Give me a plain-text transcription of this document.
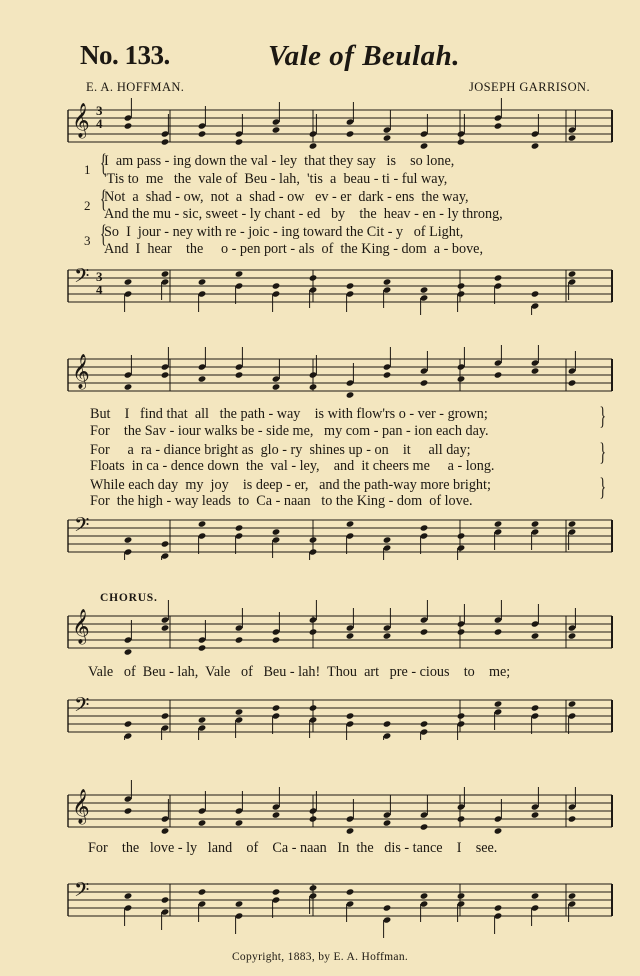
No. 133.	Vale of Beulah.
E. A. HOFFMAN.	JOSEPH GARRISON.
𝄞
𝄢
3
4
3
4
1 {
I  am pass - ing down the val - ley  that they say   is    so lone,
'Tis to  me   the  vale of  Beu - lah,  'tis  a  beau - ti - ful way,
2 {
Not  a  shad - ow,  not  a  shad - ow   ev - er  dark - ens  the way,
And the mu - sic, sweet - ly chant - ed   by    the  heav - en - ly throng,
3 {
So  I  jour - ney with re - joic - ing toward the Cit - y   of Light,
And  I  hear    the     o - pen port - als  of  the King - dom  a - bove,
𝄞
𝄢
But    I   find that  all   the path - way    is with flow'rs o - ver - grown;
For    the Sav - iour walks be - side me,   my com - pan - ion each day.
For     a  ra - diance bright as  glo - ry  shines up - on    it     all day;
Floats  in ca - dence down  the  val - ley,    and  it cheers me     a - long.
While each day  my  joy    is deep - er,   and the path-way more bright;
For  the high - way leads  to  Ca - naan   to the King - dom  of love.
{
{
{
CHORUS.
𝄞
𝄢
Vale   of  Beu - lah,  Vale   of   Beu - lah!  Thou  art   pre - cious    to    me;
𝄞
𝄢
For    the   love - ly   land    of    Ca - naan   In  the   dis - tance    I    see.
Copyright, 1883, by E. A. Hoffman.
